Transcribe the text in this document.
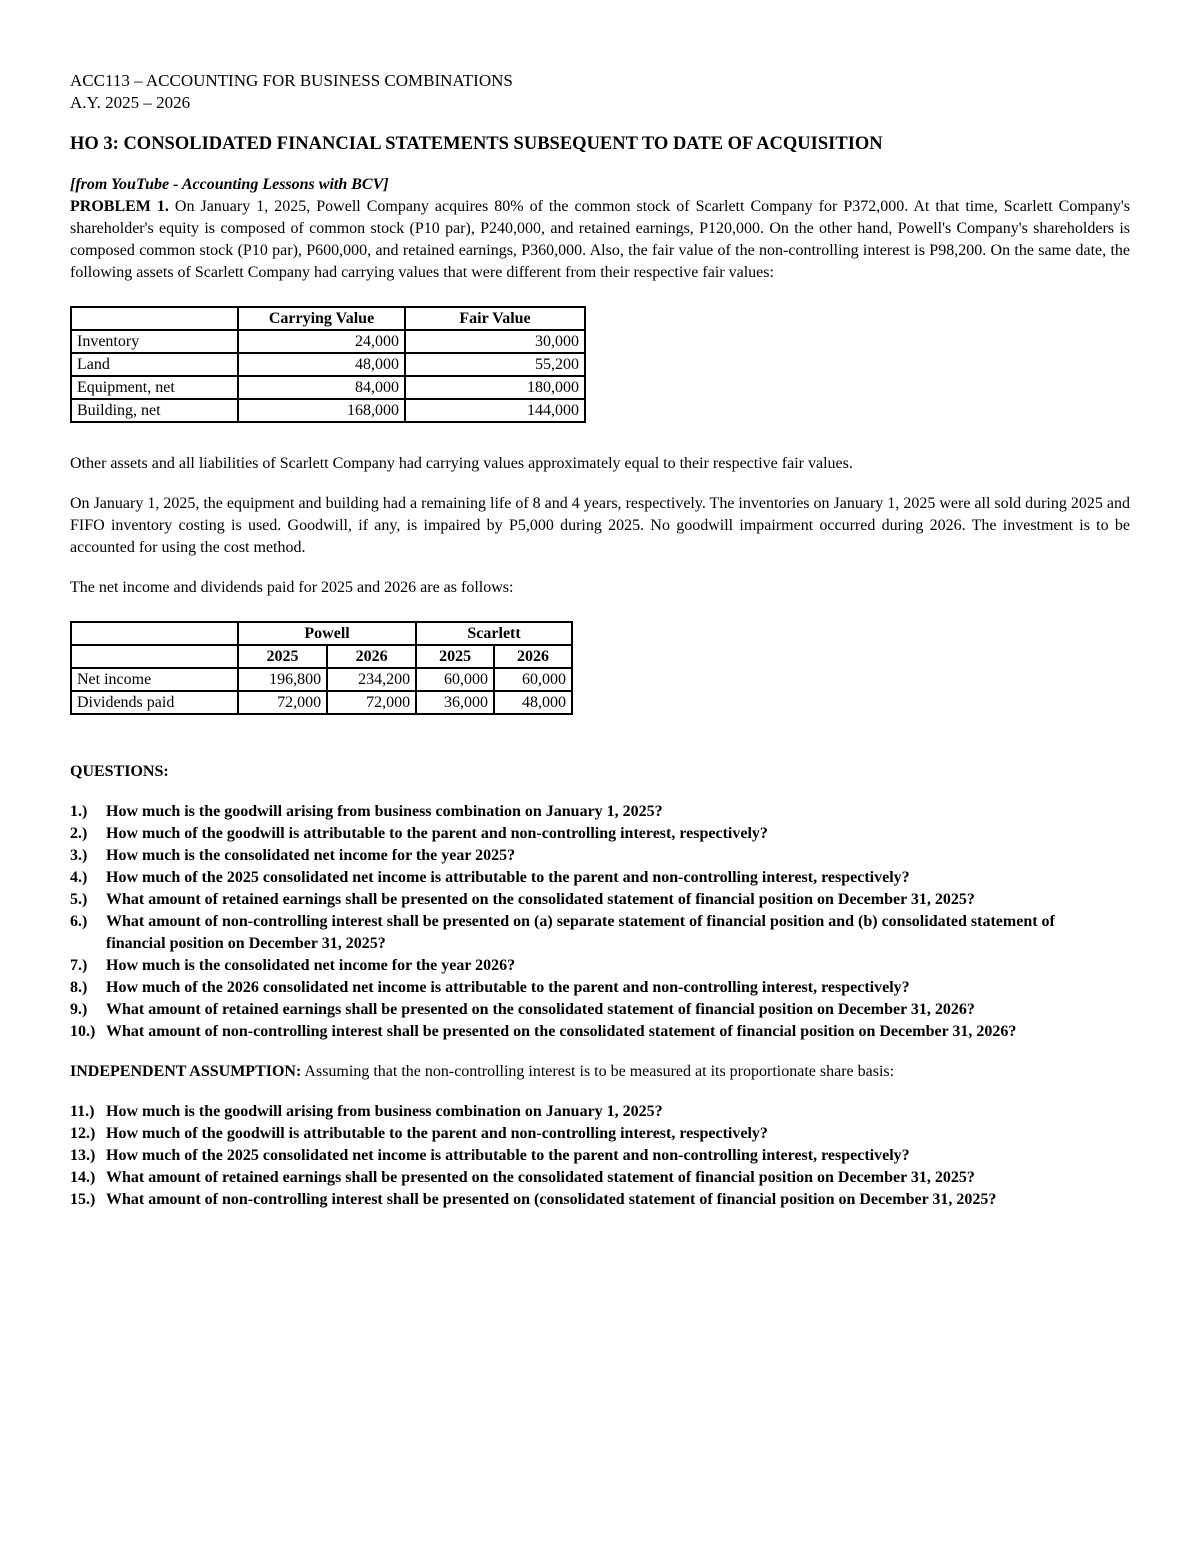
ACC113 – ACCOUNTING FOR BUSINESS COMBINATIONS
A.Y. 2025 – 2026
HO 3: CONSOLIDATED FINANCIAL STATEMENTS SUBSEQUENT TO DATE OF ACQUISITION
[from YouTube - Accounting Lessons with BCV]

PROBLEM 1. On January 1, 2025, Powell Company acquires 80% of the common stock of Scarlett Company for P372,000. At that time, Scarlett Company's shareholder's equity is composed of common stock (P10 par), P240,000, and retained earnings, P120,000. On the other hand, Powell's Company's shareholders is composed common stock (P10 par), P600,000, and retained earnings, P360,000. Also, the fair value of the non-controlling interest is P98,200. On the same date, the following assets of Scarlett Company had carrying values that were different from their respective fair values:

	Carrying Value	Fair Value
Inventory	24,000	30,000
Land	48,000	55,200
Equipment, net	84,000	180,000
Building, net	168,000	144,000

Other assets and all liabilities of Scarlett Company had carrying values approximately equal to their respective fair values.

On January 1, 2025, the equipment and building had a remaining life of 8 and 4 years, respectively. The inventories on January 1, 2025 were all sold during 2025 and FIFO inventory costing is used. Goodwill, if any, is impaired by P5,000 during 2025. No goodwill impairment occurred during 2026. The investment is to be accounted for using the cost method.

The net income and dividends paid for 2025 and 2026 are as follows:

	Powell		Scarlett	
	2025	2026	2025	2026
Net income	196,800	234,200	60,000	60,000
Dividends paid	72,000	72,000	36,000	48,000
QUESTIONS:
1.)	How much is the goodwill arising from business combination on January 1, 2025?
2.)	How much of the goodwill is attributable to the parent and non-controlling interest, respectively?
3.)	How much is the consolidated net income for the year 2025?
4.)	How much of the 2025 consolidated net income is attributable to the parent and non-controlling interest, respectively?
5.)	What amount of retained earnings shall be presented on the consolidated statement of financial position on December 31, 2025?
6.)	What amount of non-controlling interest shall be presented on (a) separate statement of financial position and (b) consolidated statement of financial position on December 31, 2025?
7.)	How much is the consolidated net income for the year 2026?
8.)	How much of the 2026 consolidated net income is attributable to the parent and non-controlling interest, respectively?
9.)	What amount of retained earnings shall be presented on the consolidated statement of financial position on December 31, 2026?
10.) What amount of non-controlling interest shall be presented on the consolidated statement of financial position on December 31, 2026?
INDEPENDENT ASSUMPTION: Assuming that the non-controlling interest is to be measured at its proportionate share basis:
11.) How much is the goodwill arising from business combination on January 1, 2025?
12.) How much of the goodwill is attributable to the parent and non-controlling interest, respectively?
13.) How much of the 2025 consolidated net income is attributable to the parent and non-controlling interest, respectively?
14.) What amount of retained earnings shall be presented on the consolidated statement of financial position on December 31, 2025?
15.) What amount of non-controlling interest shall be presented on (consolidated statement of financial position on December 31, 2025?
